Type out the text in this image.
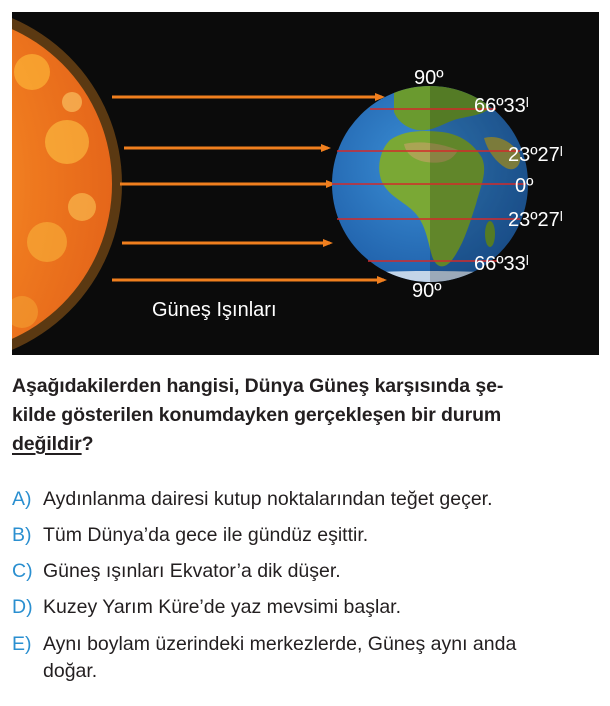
90º
66º33ˡ
23º27ˡ
0º
23º27ˡ
66º33ˡ
90º
Güneş Işınları
Aşağıdakilerden hangisi, Dünya Güneş karşısında şe-
kilde gösterilen konumdayken gerçekleşen bir durum
değildir?
A) Aydınlanma dairesi kutup noktalarından teğet geçer.
B) Tüm Dünya’da gece ile gündüz eşittir.
C) Güneş ışınları Ekvator’a dik düşer.
D) Kuzey Yarım Küre’de yaz mevsimi başlar.
E) Aynı boylam üzerindeki merkezlerde, Güneş aynı anda
doğar.
